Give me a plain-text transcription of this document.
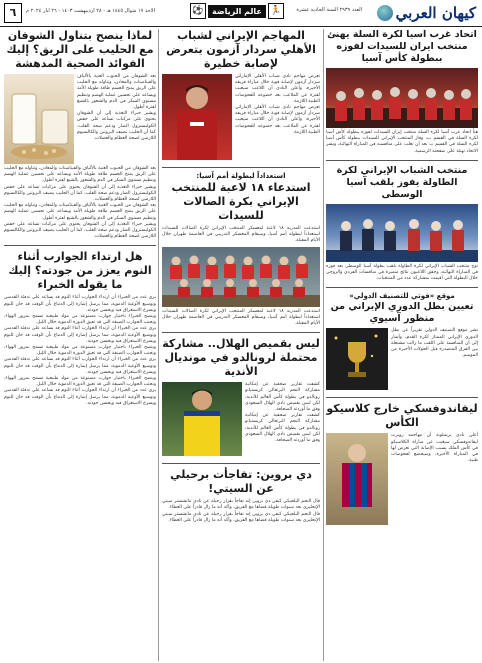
كيهان العربي
العدد ٢٩٣٩ السنة الحادية عشرة
🏃
عالم الرياضة
⚽
الاحد ١٧ شوال ١٤٤٥ هـ - ٢٨ اردیبهشت ١٤٠٣ - ٢٦ ايار ٢٠٢٤ م
٦
اتحاد غرب آسيا لكرة السلة يهنئ منتخب ايران للسيدات لفوزه ببطولة كأس آسيا
هنأ اتحاد غرب آسيا لكرة السلة منتخب إيران للسيدات لفوزه ببطولة كأس آسيا لكرة السلة في القسم ب، وفاز المنتخب الإيراني للسيدات ببطولة كأس آسيا لكرة السلة في القسم ب بعد أن تغلب على منافسيه في المباراة النهائية، ونشر الاتحاد تهنئة على صفحته الرسمية.
منتخب الشباب الإيراني لكرة الطاولة يفوز بلقب آسيا الوسطى
توج منتخب الشباب الإيراني لكرة الطاولة بلقب بطولة آسيا الوسطى بعد فوزه في المباراة النهائية، وحقق اللاعبون نتائج متميزة في منافسات الفردي والزوجي خلال البطولة التي أقيمت بمشاركة عدد من المنتخبات.
موقع «فوتي للتصنيف الدولي»
تعيين بطل الدوري الإيراني من منظور آسيوي
نشر موقع التصنيف الدولي تقريراً عن بطل الدوري الإيراني الممتاز لكرة القدم، وأشار إلى أن المنافسة على اللقب ما زالت مشتعلة بين الفرق المتصدرة قبل الجولات الأخيرة من الموسم.
ليفاندوفسكي خارج كلاسيكو الكأس
أعلن نادي برشلونة أن مهاجمه روبرت ليفاندوفسكي سيغيب عن مباراة الكلاسيكو في كأس الملك بسبب الإصابة التي تعرض لها في المباراة الأخيرة، وسيخضع لفحوصات طبية.
المهاجم الإيراني لشباب الأهلي سردار آزمون يتعرض لإصابة خطيرة
تعرض مهاجم نادي شباب الأهلي الإماراتي سردار آزمون لإصابة قوية خلال مباراة فريقه الأخيرة، وأعلن النادي أن اللاعب سيغيب لفترة عن الملاعب بعد خضوعه للفحوصات الطبية اللازمة.
تعرض مهاجم نادي شباب الأهلي الإماراتي سردار آزمون لإصابة قوية خلال مباراة فريقه الأخيرة، وأعلن النادي أن اللاعب سيغيب لفترة عن الملاعب بعد خضوعه للفحوصات الطبية اللازمة.
استعداداً لبطولة أمم آسيا:
استدعاء ١٨ لاعبة للمنتخب الإيراني بكرة الصالات للسيدات
استدعت المدربة ١٨ لاعبة لمعسكر المنتخب الإيراني لكرة الصالات للسيدات استعداداً لبطولة أمم آسيا، وسيقام المعسكر التدريبي في العاصمة طهران خلال الأيام المقبلة.
استدعت المدربة ١٨ لاعبة لمعسكر المنتخب الإيراني لكرة الصالات للسيدات استعداداً لبطولة أمم آسيا، وسيقام المعسكر التدريبي في العاصمة طهران خلال الأيام المقبلة.
ليس بقميص الهلال.. مشاركة محتملة لرونالدو في مونديال الأندية
كشفت تقارير صحفية عن إمكانية مشاركة النجم البرتغالي كريستيانو رونالدو في بطولة كأس العالم للأندية، لكن ليس بقميص نادي الهلال السعودي وفق ما أوردته الصحافة.
كشفت تقارير صحفية عن إمكانية مشاركة النجم البرتغالي كريستيانو رونالدو في بطولة كأس العالم للأندية، لكن ليس بقميص نادي الهلال السعودي وفق ما أوردته الصحافة.
دي بروين: تفاجأت برحيلي عن السيتي!
قال النجم البلجيكي كيفن دي بروين إنه تفاجأ بقرار رحيله عن نادي مانشستر سيتي الإنجليزي بعد سنوات طويلة قضاها مع الفريق، وأكد أنه ما زال قادراً على العطاء.
قال النجم البلجيكي كيفن دي بروين إنه تفاجأ بقرار رحيله عن نادي مانشستر سيتي الإنجليزي بعد سنوات طويلة قضاها مع الفريق، وأكد أنه ما زال قادراً على العطاء.
لماذا ينصح بتناول الشوفان مع الحليب على الريق؟ إليك الفوائد الصحية المدهشة
يعد الشوفان من الحبوب الغنية بالألياف والفيتامينات والمعادن، وتناوله مع الحليب على الريق يمنح الجسم طاقة طويلة الأمد ويساعد على تحسين عملية الهضم وتنظيم مستوى السكر في الدم والشعور بالشبع لفترة أطول.
ويشير خبراء التغذية إلى أن الشوفان يحتوي على مركبات تساعد على خفض الكوليسترول الضار ودعم صحة القلب، كما أن الحليب يضيف البروتين والكالسيوم اللازمين لصحة العظام والعضلات.
يعد الشوفان من الحبوب الغنية بالألياف والفيتامينات والمعادن، وتناوله مع الحليب على الريق يمنح الجسم طاقة طويلة الأمد ويساعد على تحسين عملية الهضم وتنظيم مستوى السكر في الدم والشعور بالشبع لفترة أطول.
ويشير خبراء التغذية إلى أن الشوفان يحتوي على مركبات تساعد على خفض الكوليسترول الضار ودعم صحة القلب، كما أن الحليب يضيف البروتين والكالسيوم اللازمين لصحة العظام والعضلات.
يعد الشوفان من الحبوب الغنية بالألياف والفيتامينات والمعادن، وتناوله مع الحليب على الريق يمنح الجسم طاقة طويلة الأمد ويساعد على تحسين عملية الهضم وتنظيم مستوى السكر في الدم والشعور بالشبع لفترة أطول.
ويشير خبراء التغذية إلى أن الشوفان يحتوي على مركبات تساعد على خفض الكوليسترول الضار ودعم صحة القلب، كما أن الحليب يضيف البروتين والكالسيوم اللازمين لصحة العظام والعضلات.
هل ارتداء الجوارب أثناء النوم يعزز من جودته؟ إليك ما يقوله الخبراء
يرى عدد من الخبراء أن ارتداء الجوارب أثناء النوم قد يساعد على تدفئة القدمين وتوسيع الأوعية الدموية، مما يرسل إشارة إلى الدماغ بأن الوقت قد حان للنوم ويسرع الاستغراق فيه ويحسن جودته.
وينصح الخبراء باختيار جوارب مصنوعة من مواد طبيعية تسمح بمرور الهواء، وتجنب الجوارب الضيقة التي قد تعيق الدورة الدموية خلال الليل.
يرى عدد من الخبراء أن ارتداء الجوارب أثناء النوم قد يساعد على تدفئة القدمين وتوسيع الأوعية الدموية، مما يرسل إشارة إلى الدماغ بأن الوقت قد حان للنوم ويسرع الاستغراق فيه ويحسن جودته.
وينصح الخبراء باختيار جوارب مصنوعة من مواد طبيعية تسمح بمرور الهواء، وتجنب الجوارب الضيقة التي قد تعيق الدورة الدموية خلال الليل.
يرى عدد من الخبراء أن ارتداء الجوارب أثناء النوم قد يساعد على تدفئة القدمين وتوسيع الأوعية الدموية، مما يرسل إشارة إلى الدماغ بأن الوقت قد حان للنوم ويسرع الاستغراق فيه ويحسن جودته.
وينصح الخبراء باختيار جوارب مصنوعة من مواد طبيعية تسمح بمرور الهواء، وتجنب الجوارب الضيقة التي قد تعيق الدورة الدموية خلال الليل.
يرى عدد من الخبراء أن ارتداء الجوارب أثناء النوم قد يساعد على تدفئة القدمين وتوسيع الأوعية الدموية، مما يرسل إشارة إلى الدماغ بأن الوقت قد حان للنوم ويسرع الاستغراق فيه ويحسن جودته.
